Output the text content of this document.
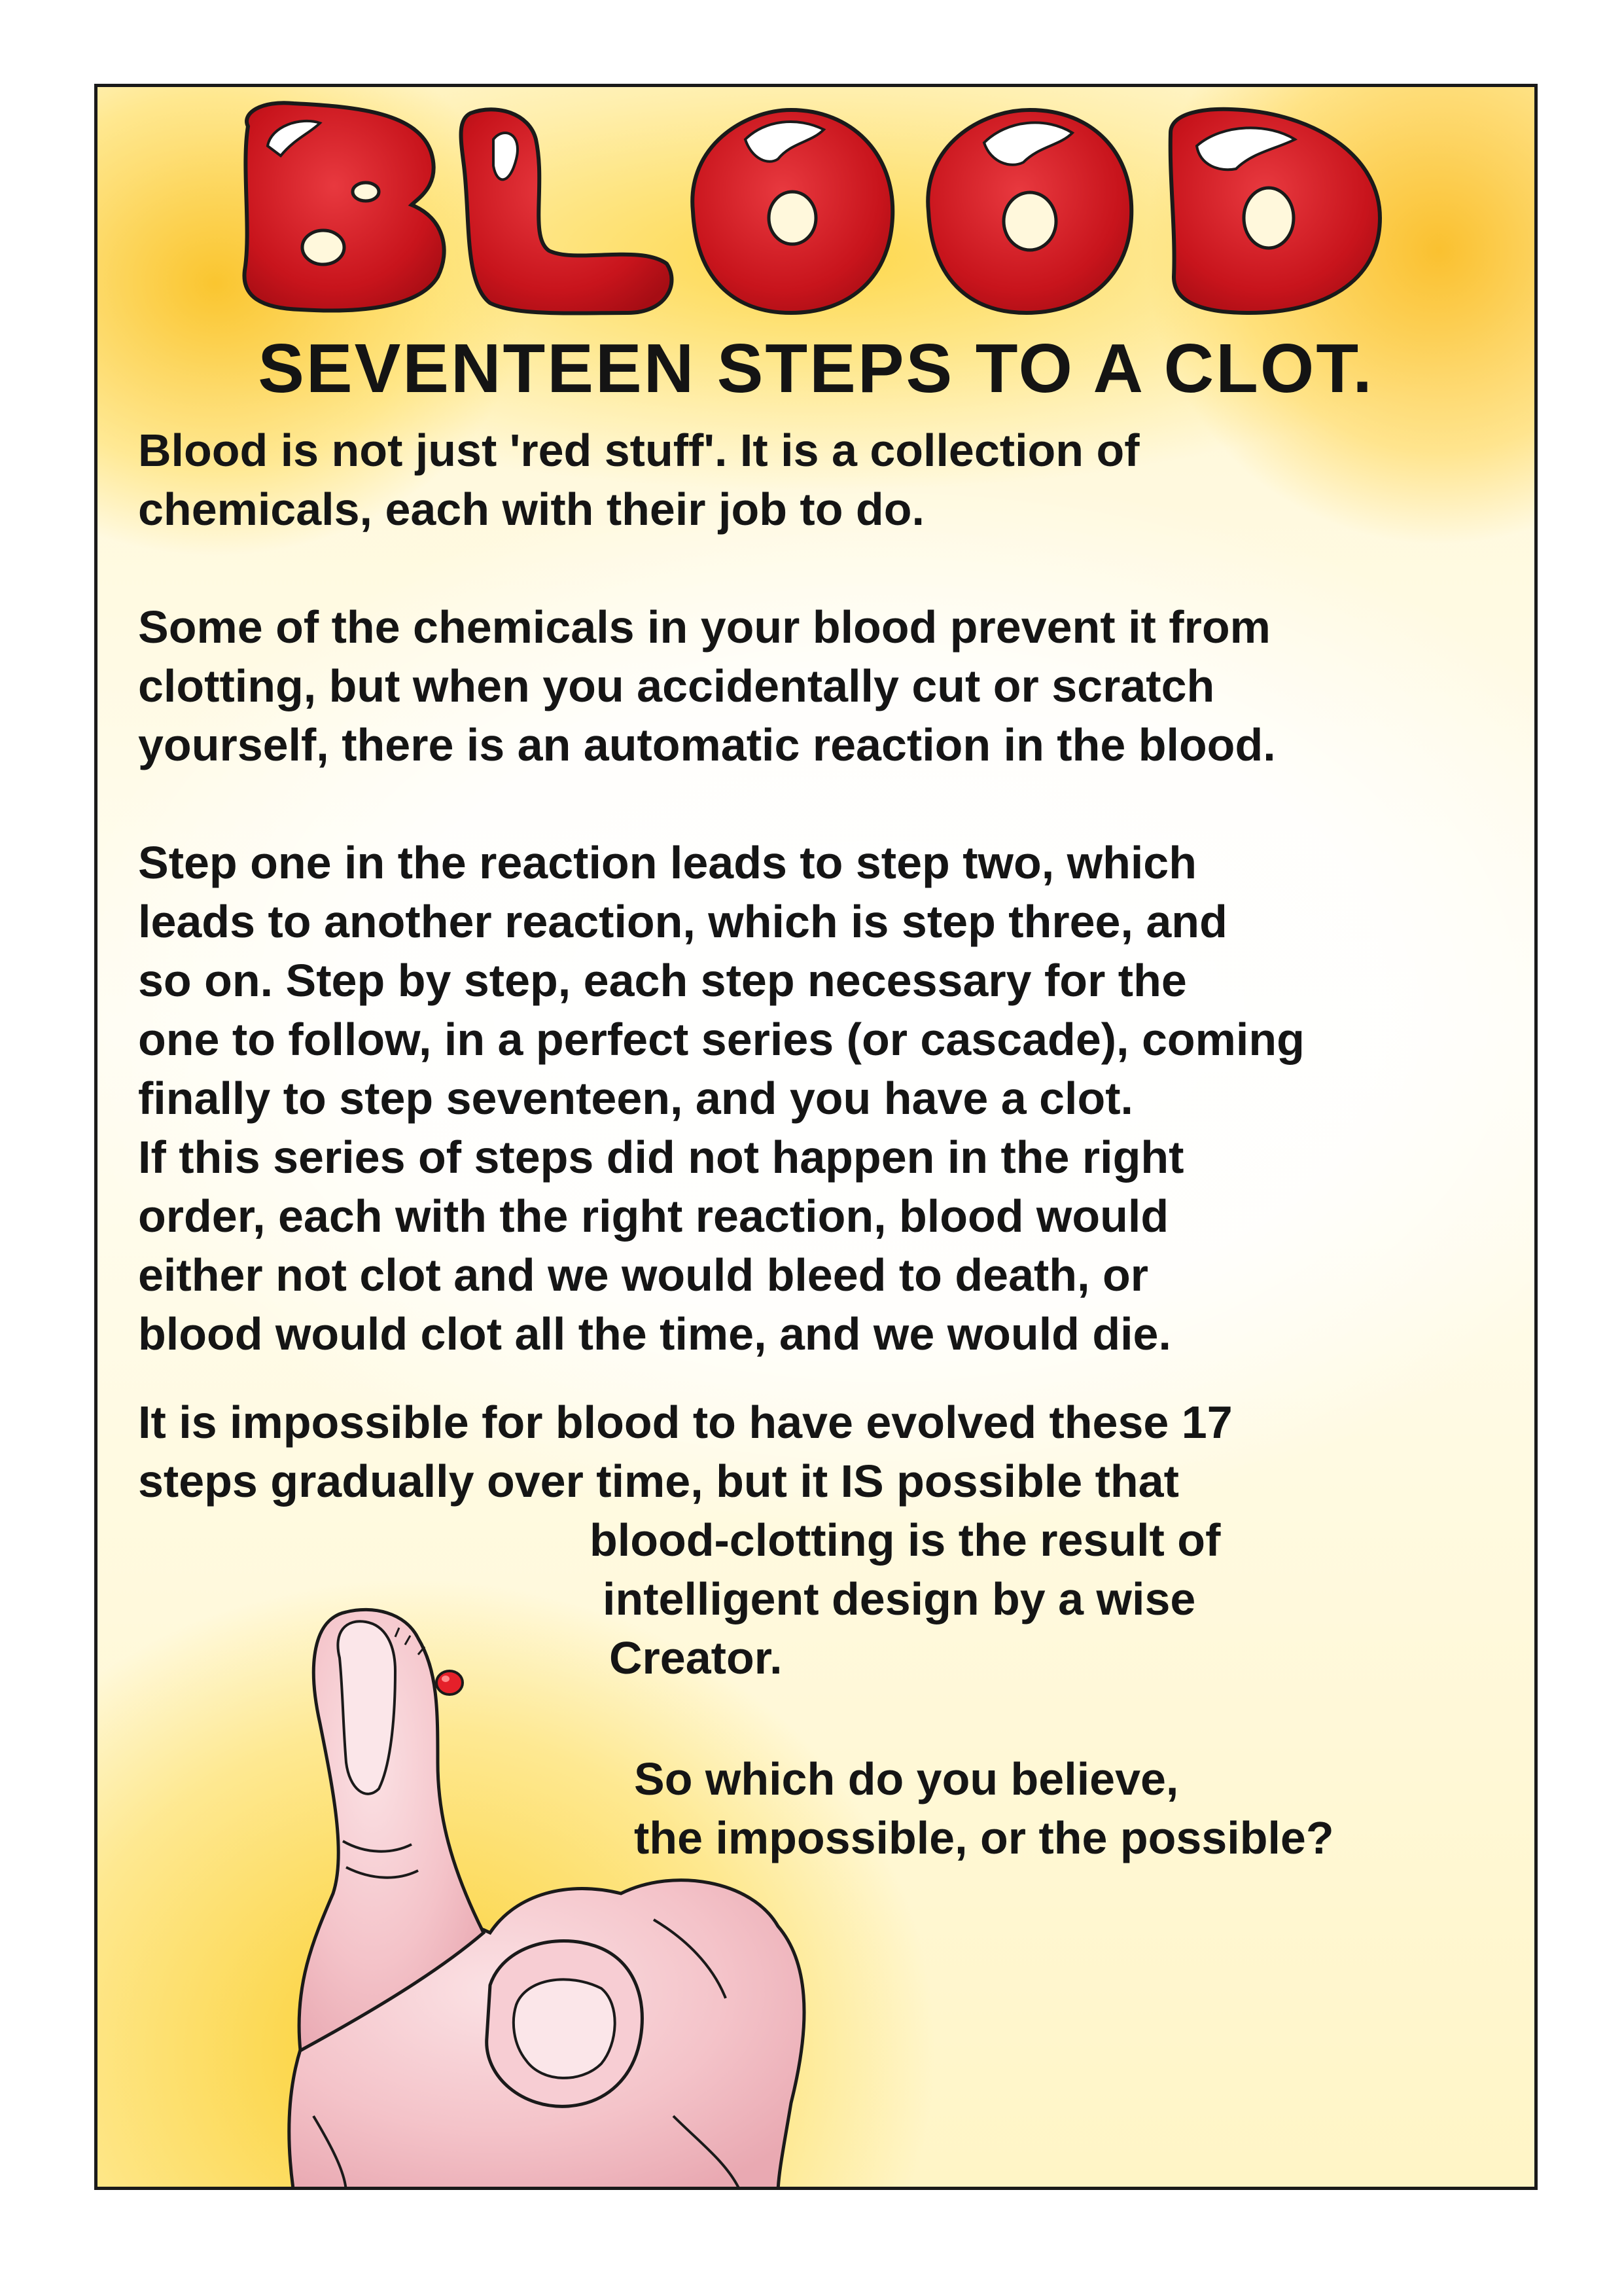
SEVENTEEN STEPS TO A CLOT.

Blood is not just 'red stuff'. It is a collection of
chemicals, each with their job to do.

Some of the chemicals in your blood prevent it from
clotting, but when you accidentally cut or scratch
yourself, there is an automatic reaction in the blood.

Step one in the reaction leads to step two, which
leads to another reaction, which is step three, and
so on. Step by step, each step necessary for the
one to follow, in a perfect series (or cascade), coming
finally to step seventeen, and you have a clot.

If this series of steps did not happen in the right
order, each with the right reaction, blood would
either not clot and we would bleed to death, or
blood would clot all the time, and we would die.

It is impossible for blood to have evolved these 17
steps gradually over time, but it IS possible that
blood-clotting is the result of
intelligent design by a wise
Creator.

So which do you believe,
the impossible, or the possible?
